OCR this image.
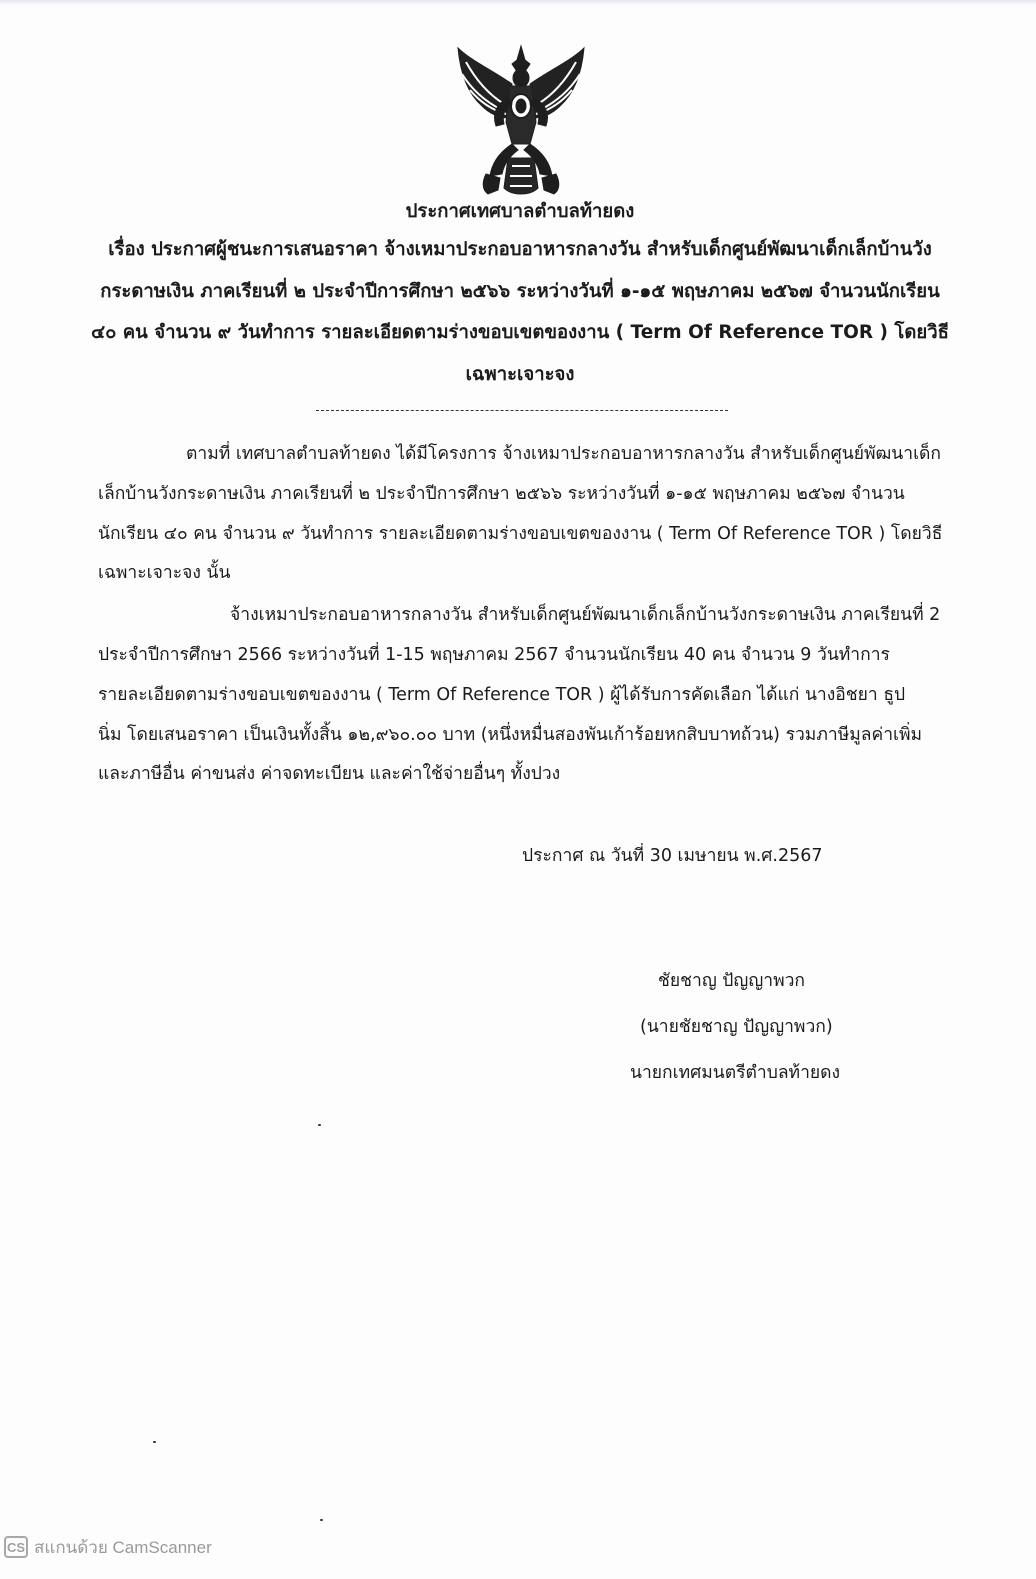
ประกาศเทศบาลตำบลท้ายดง
เรื่อง ประกาศผู้ชนะการเสนอราคา จ้างเหมาประกอบอาหารกลางวัน สำหรับเด็กศูนย์พัฒนาเด็กเล็กบ้านวัง
กระดาษเงิน ภาคเรียนที่ ๒ ประจำปีการศึกษา ๒๕๖๖ ระหว่างวันที่ ๑-๑๕ พฤษภาคม ๒๕๖๗ จำนวนนักเรียน
๔๐ คน จำนวน ๙ วันทำการ รายละเอียดตามร่างขอบเขตของงาน ( Term Of Reference TOR ) โดยวิธี
เฉพาะเจาะจง
ตามที่ เทศบาลตำบลท้ายดง ได้มีโครงการ จ้างเหมาประกอบอาหารกลางวัน สำหรับเด็กศูนย์พัฒนาเด็ก
เล็กบ้านวังกระดาษเงิน ภาคเรียนที่ ๒ ประจำปีการศึกษา ๒๕๖๖ ระหว่างวันที่ ๑-๑๕ พฤษภาคม ๒๕๖๗ จำนวน
นักเรียน ๔๐ คน จำนวน ๙ วันทำการ รายละเอียดตามร่างขอบเขตของงาน ( Term Of Reference TOR ) โดยวิธี
เฉพาะเจาะจง นั้น
จ้างเหมาประกอบอาหารกลางวัน สำหรับเด็กศูนย์พัฒนาเด็กเล็กบ้านวังกระดาษเงิน ภาคเรียนที่ 2
ประจำปีการศึกษา 2566 ระหว่างวันที่ 1-15 พฤษภาคม 2567 จำนวนนักเรียน 40 คน จำนวน 9 วันทำการ
รายละเอียดตามร่างขอบเขตของงาน ( Term Of Reference TOR ) ผู้ได้รับการคัดเลือก ได้แก่ นางอิชยา ธูป
นิ่ม โดยเสนอราคา เป็นเงินทั้งสิ้น ๑๒,๙๖๐.๐๐ บาท (หนึ่งหมื่นสองพันเก้าร้อยหกสิบบาทถ้วน) รวมภาษีมูลค่าเพิ่ม
และภาษีอื่น ค่าขนส่ง ค่าจดทะเบียน และค่าใช้จ่ายอื่นๆ ทั้งปวง
ประกาศ ณ วันที่ 30 เมษายน พ.ศ.2567
ชัยชาญ ปัญญาพวก
(นายชัยชาญ ปัญญาพวก)
นายกเทศมนตรีตำบลท้ายดง
CS สแกนด้วย CamScanner
